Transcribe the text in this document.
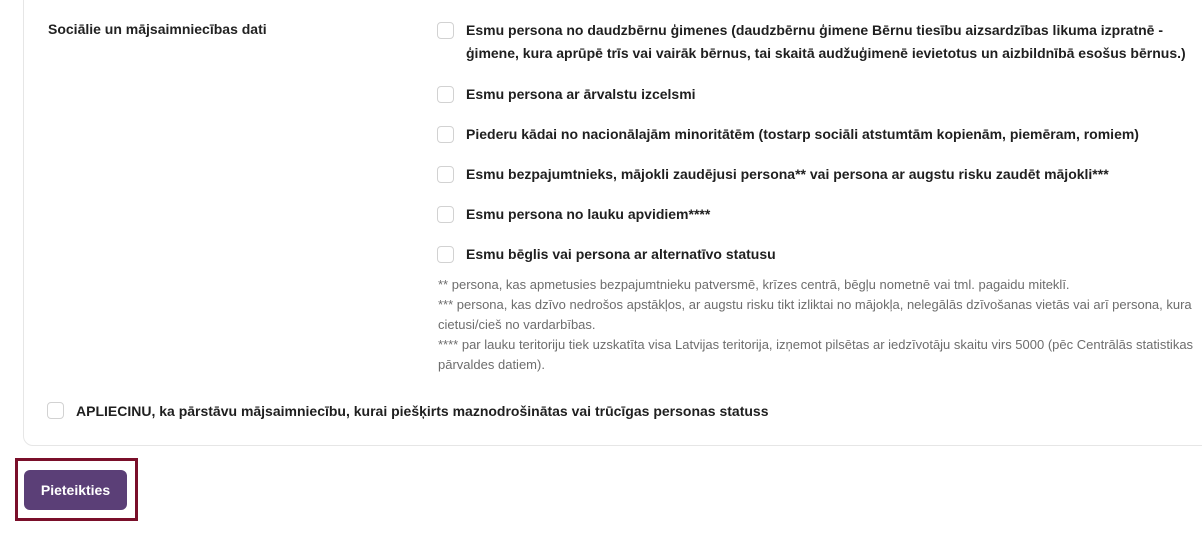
Sociālie un mājsaimniecības dati	Esmu persona no daudzbērnu ģimenes (daudzbērnu ģimene Bērnu tiesību aizsardzības likuma izpratnē - ģimene, kura aprūpē trīs vai vairāk bērnus, tai skaitā audžuģimenē ievietotus un aizbildnībā esošus bērnus.)
Esmu persona ar ārvalstu izcelsmi
Piederu kādai no nacionālajām minoritātēm (tostarp sociāli atstumtām kopienām, piemēram, romiem)
Esmu bezpajumtnieks, mājokli zaudējusi persona** vai persona ar augstu risku zaudēt mājokli***
Esmu persona no lauku apvidiem****
Esmu bēglis vai persona ar alternatīvo statusu
** persona, kas apmetusies bezpajumtnieku patversmē, krīzes centrā, bēgļu nometnē vai tml. pagaidu miteklī.
*** persona, kas dzīvo nedrošos apstākļos, ar augstu risku tikt izliktai no mājokļa, nelegālās dzīvošanas vietās vai arī persona, kura cietusi/cieš no vardarbības.
**** par lauku teritoriju tiek uzskatīta visa Latvijas teritorija, izņemot pilsētas ar iedzīvotāju skaitu virs 5000 (pēc Centrālās statistikas pārvaldes datiem).
APLIECINU, ka pārstāvu mājsaimniecību, kurai piešķirts maznodrošinātas vai trūcīgas personas statuss
Pieteikties
